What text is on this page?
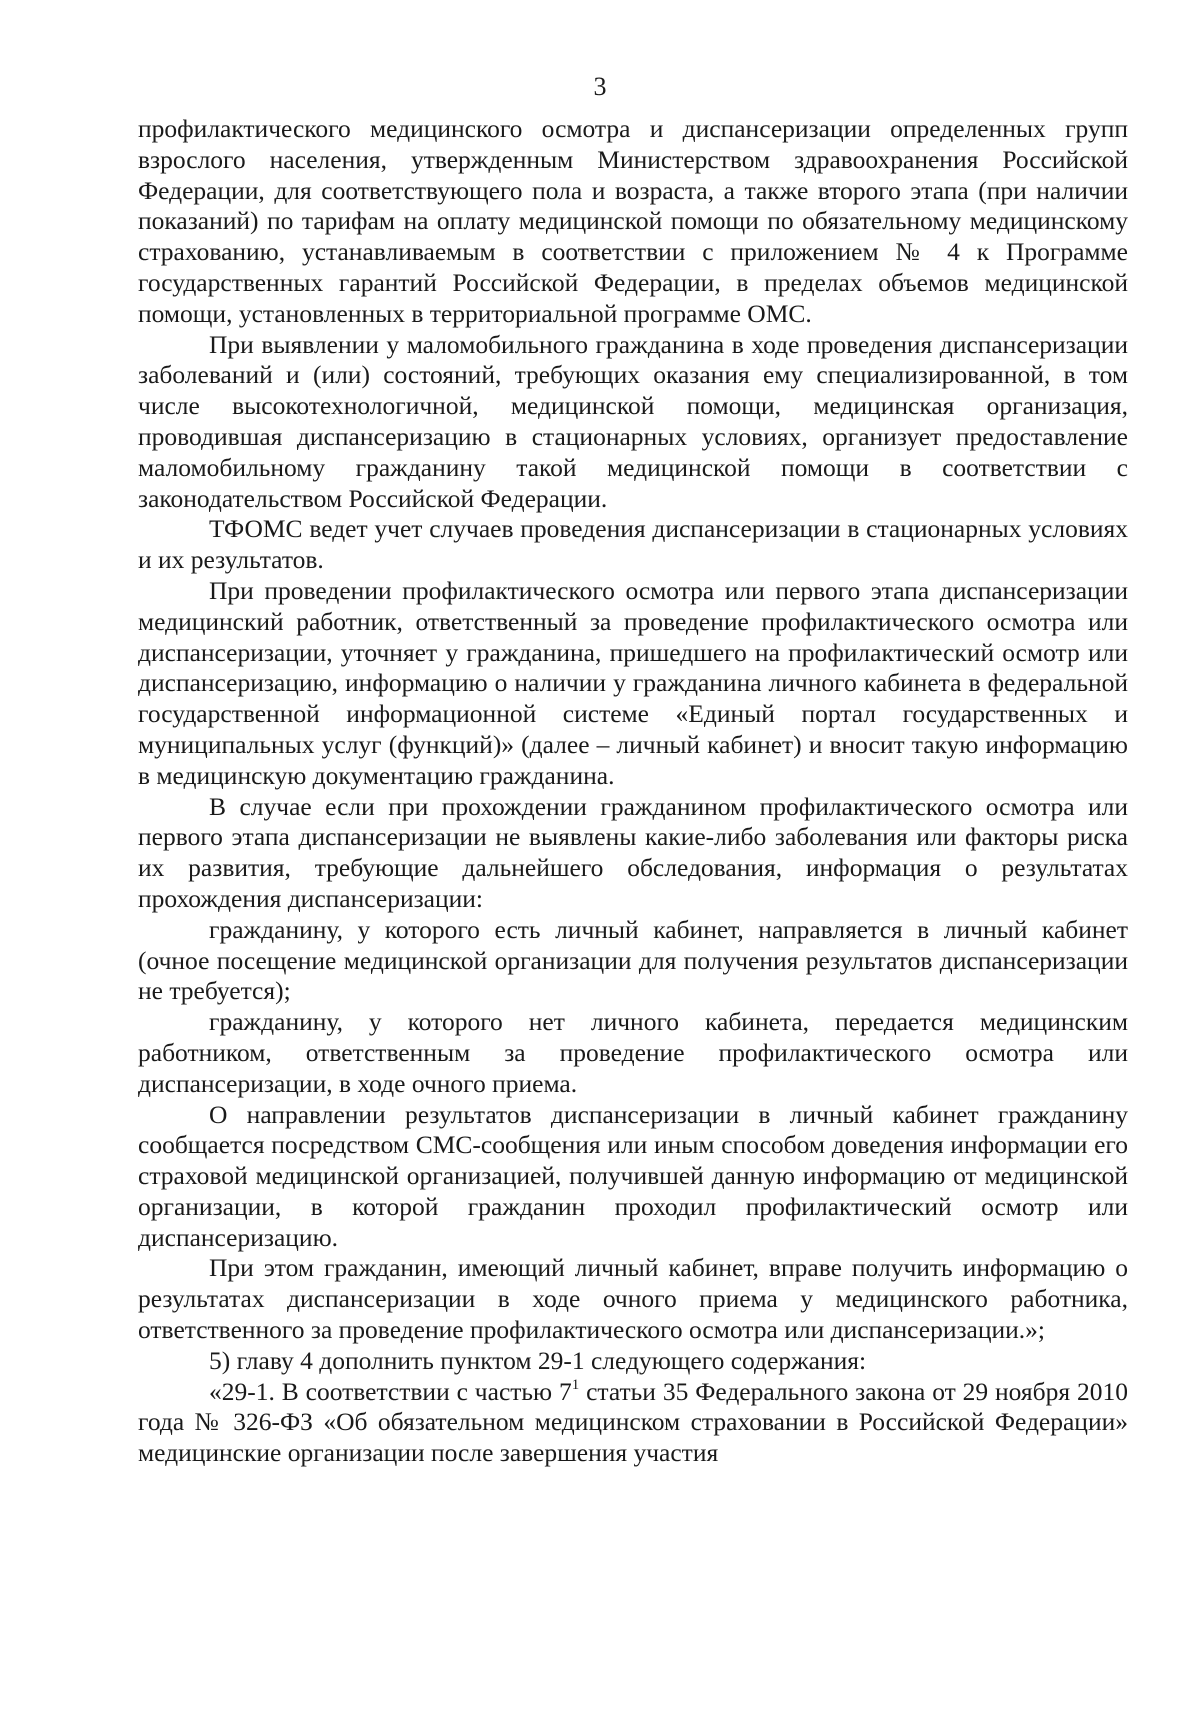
3

профилактического медицинского осмотра и диспансеризации определенных групп взрослого населения, утвержденным Министерством здравоохранения Российской Федерации, для соответствующего пола и возраста, а также второго этапа (при наличии показаний) по тарифам на оплату медицинской помощи по обязательному медицинскому страхованию, устанавливаемым в соответствии с приложением № 4 к Программе государственных гарантий Российской Федерации, в пределах объемов медицинской помощи, установленных в территориальной программе ОМС.

При выявлении у маломобильного гражданина в ходе проведения диспансеризации заболеваний и (или) состояний, требующих оказания ему специализированной, в том числе высокотехнологичной, медицинской помощи, медицинская организация, проводившая диспансеризацию в стационарных условиях, организует предоставление маломобильному гражданину такой медицинской помощи в соответствии с законодательством Российской Федерации.

ТФОМС ведет учет случаев проведения диспансеризации в стационарных условиях и их результатов.

При проведении профилактического осмотра или первого этапа диспансеризации медицинский работник, ответственный за проведение профилактического осмотра или диспансеризации, уточняет у гражданина, пришедшего на профилактический осмотр или диспансеризацию, информацию о наличии у гражданина личного кабинета в федеральной государственной информационной системе «Единый портал государственных и муниципальных услуг (функций)» (далее – личный кабинет) и вносит такую информацию в медицинскую документацию гражданина.

В случае если при прохождении гражданином профилактического осмотра или первого этапа диспансеризации не выявлены какие-либо заболевания или факторы риска их развития, требующие дальнейшего обследования, информация о результатах прохождения диспансеризации:

гражданину, у которого есть личный кабинет, направляется в личный кабинет (очное посещение медицинской организации для получения результатов диспансеризации не требуется);

гражданину, у которого нет личного кабинета, передается медицинским работником, ответственным за проведение профилактического осмотра или диспансеризации, в ходе очного приема.

О направлении результатов диспансеризации в личный кабинет гражданину сообщается посредством СМС-сообщения или иным способом доведения информации его страховой медицинской организацией, получившей данную информацию от медицинской организации, в которой гражданин проходил профилактический осмотр или диспансеризацию.

При этом гражданин, имеющий личный кабинет, вправе получить информацию о результатах диспансеризации в ходе очного приема у медицинского работника, ответственного за проведение профилактического осмотра или диспансеризации.»;

5) главу 4 дополнить пунктом 29-1 следующего содержания:

«29-1. В соответствии с частью $7^1$ статьи 35 Федерального закона от 29 ноября 2010 года № 326-ФЗ «Об обязательном медицинском страховании в Российской Федерации» медицинские организации после завершения участия
